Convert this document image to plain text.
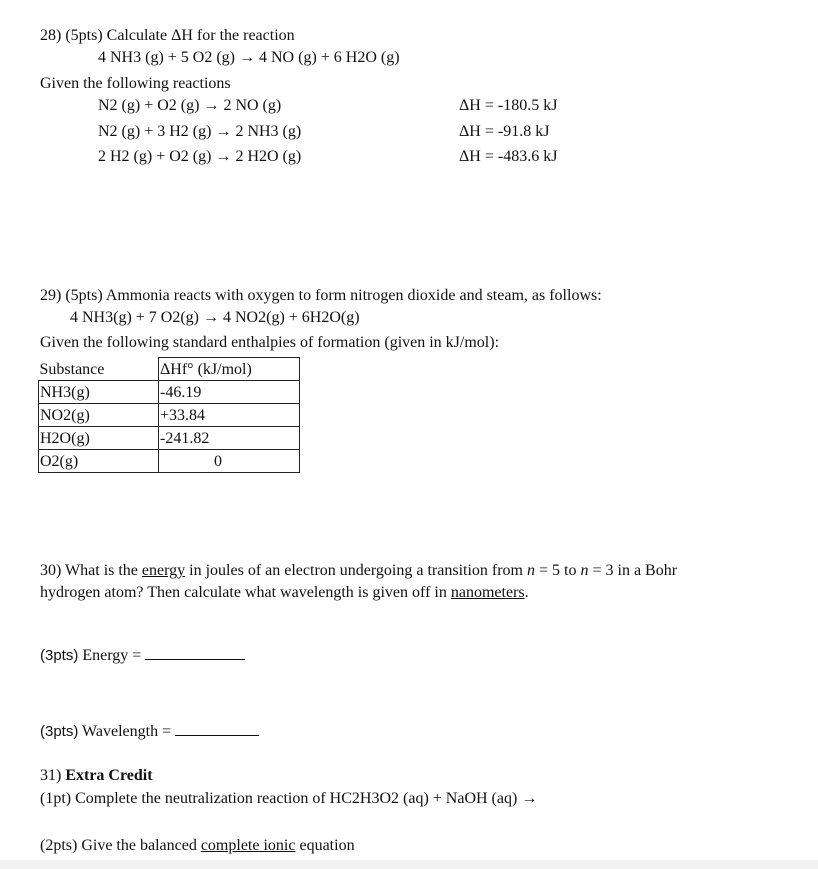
28) (5pts) Calculate ΔH for the reaction
4 NH3 (g) + 5 O2 (g) → 4 NO (g) + 6 H2O (g)
Given the following reactions
N2 (g) + O2 (g) → 2 NO (g)	ΔH = -180.5 kJ
N2 (g) + 3 H2 (g) → 2 NH3 (g)	ΔH = -91.8 kJ
2 H2 (g) + O2 (g) → 2 H2O (g)	ΔH = -483.6 kJ
29) (5pts) Ammonia reacts with oxygen to form nitrogen dioxide and steam, as follows:
4 NH3(g) + 7 O2(g) → 4 NO2(g) + 6H2O(g)
Given the following standard enthalpies of formation (given in kJ/mol):
Substance	ΔHf° (kJ/mol)
NH3(g)	-46.19
NO2(g)	+33.84
H2O(g)	-241.82
O2(g)	0
30) What is the energy in joules of an electron undergoing a transition from n = 5 to n = 3 in a Bohr
hydrogen atom? Then calculate what wavelength is given off in nanometers.
(3pts) Energy =
(3pts) Wavelength =
31) Extra Credit
(1pt) Complete the neutralization reaction of HC2H3O2 (aq) + NaOH (aq) →
(2pts) Give the balanced complete ionic equation
